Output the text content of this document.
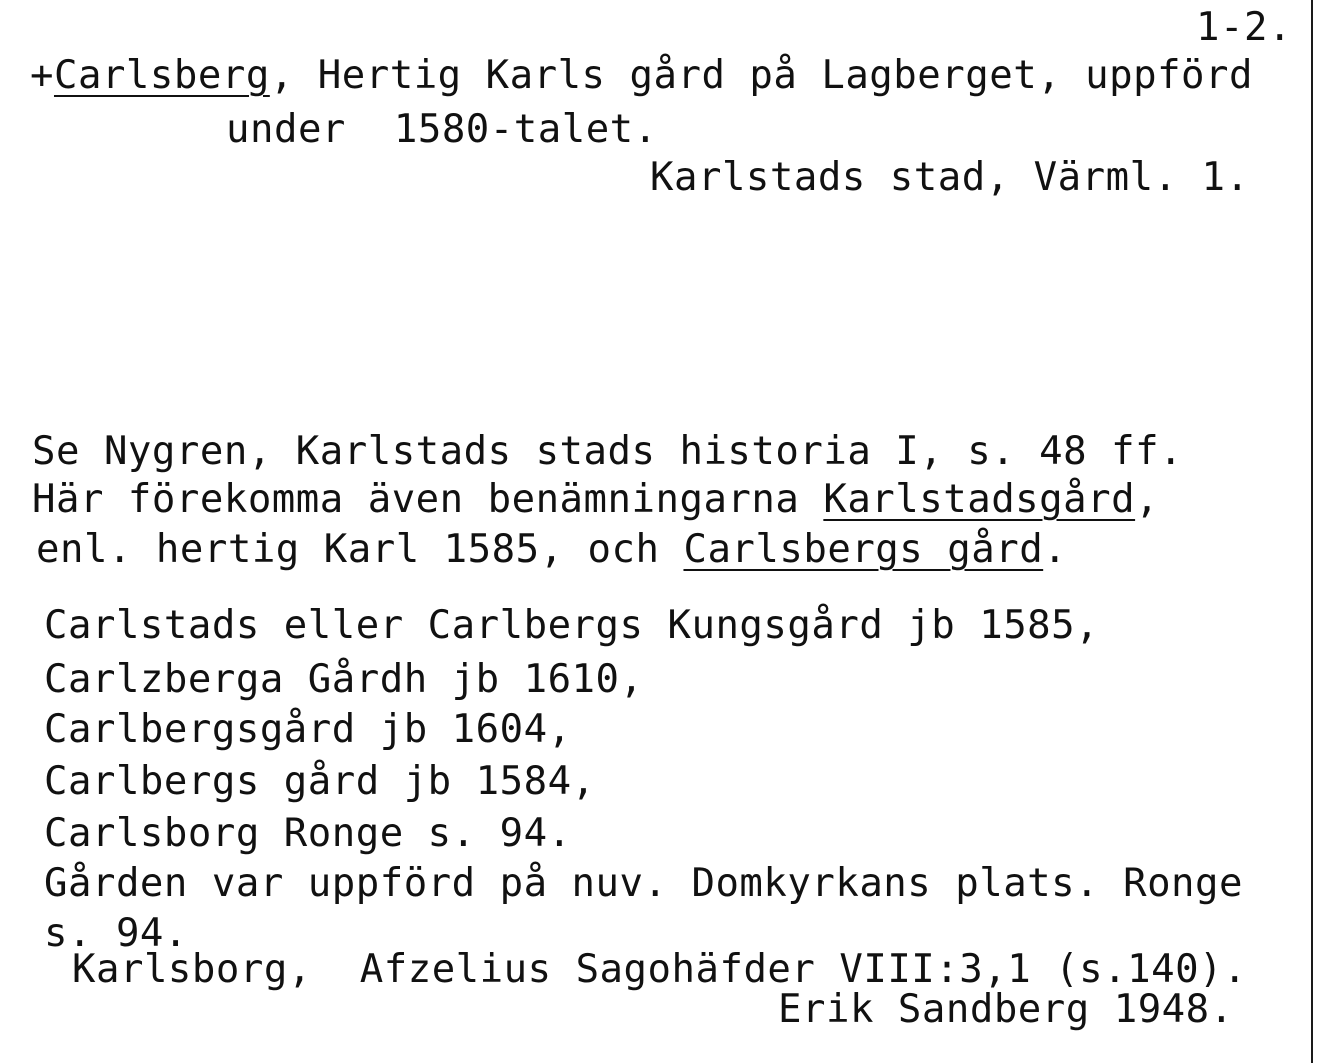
1-2.
+Carlsberg, Hertig Karls gård på Lagberget, uppförd
under  1580-talet.
Karlstads stad, Värml. 1.
Se Nygren, Karlstads stads historia I, s. 48 ff.
Här förekomma även benämningarna Karlstadsgård,
enl. hertig Karl 1585, och Carlsbergs gård.
Carlstads eller Carlbergs Kungsgård jb 1585,
Carlzberga Gårdh jb 1610,
Carlbergsgård jb 1604,
Carlbergs gård jb 1584,
Carlsborg Ronge s. 94.
Gården var uppförd på nuv. Domkyrkans plats. Ronge
s. 94.
Karlsborg,  Afzelius Sagohäfder VIII:3,1 (s.140).
Erik Sandberg 1948.
